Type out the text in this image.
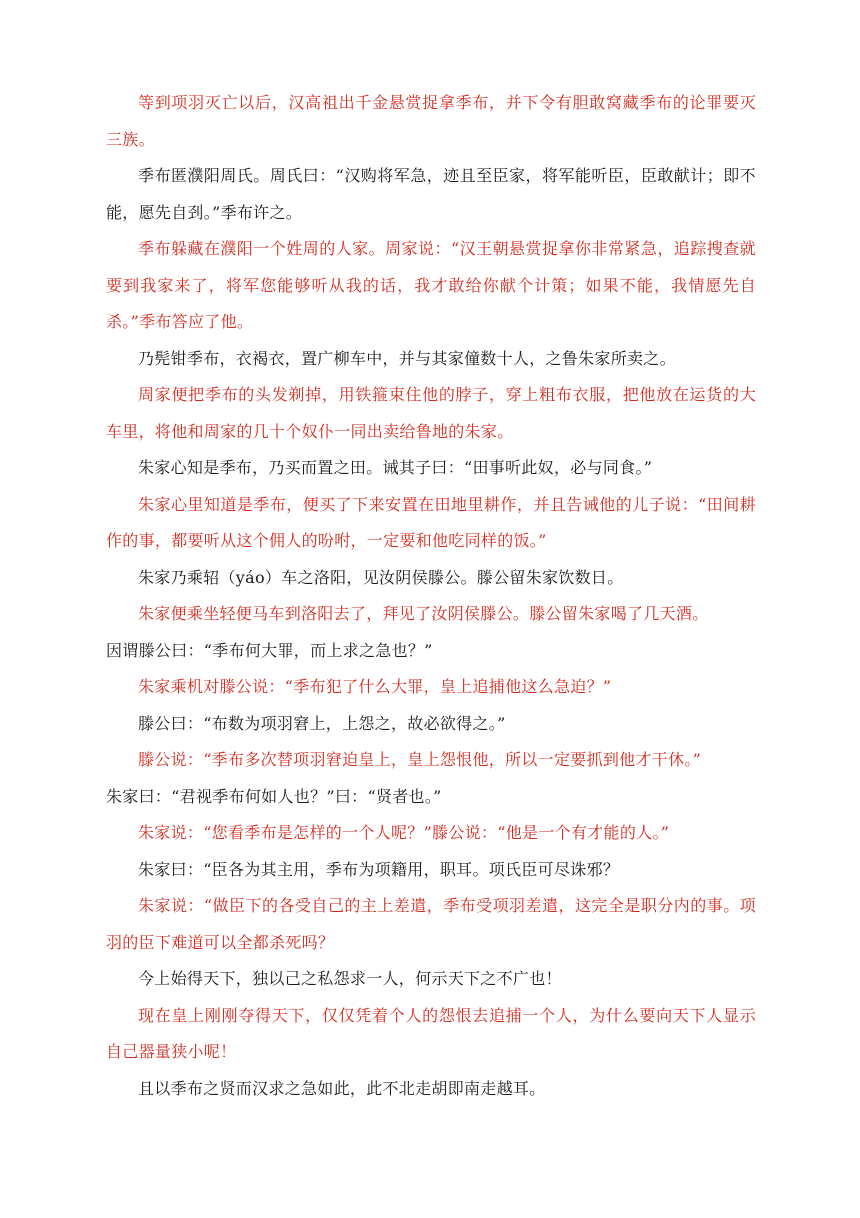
等到项羽灭亡以后，汉高祖出千金悬赏捉拿季布，并下令有胆敢窝藏季布的论罪要灭三族。

季布匿濮阳周氏。周氏曰：“汉购将军急，迹且至臣家，将军能听臣，臣敢献计；即不能，愿先自刭。”季布许之。

季布躲藏在濮阳一个姓周的人家。周家说：“汉王朝悬赏捉拿你非常紧急，追踪搜查就要到我家来了，将军您能够听从我的话，我才敢给你献个计策；如果不能，我情愿先自杀。”季布答应了他。

乃髡钳季布，衣褐衣，置广柳车中，并与其家僮数十人，之鲁朱家所卖之。

周家便把季布的头发剃掉，用铁箍束住他的脖子，穿上粗布衣服，把他放在运货的大车里，将他和周家的几十个奴仆一同出卖给鲁地的朱家。

朱家心知是季布，乃买而置之田。诫其子曰：“田事听此奴，必与同食。”

朱家心里知道是季布，便买了下来安置在田地里耕作，并且告诫他的儿子说：“田间耕作的事，都要听从这个佣人的吩咐，一定要和他吃同样的饭。”

朱家乃乘轺（yáo）车之洛阳，见汝阴侯滕公。滕公留朱家饮数日。

朱家便乘坐轻便马车到洛阳去了，拜见了汝阴侯滕公。滕公留朱家喝了几天酒。

因谓滕公曰：“季布何大罪，而上求之急也？”

朱家乘机对滕公说：“季布犯了什么大罪，皇上追捕他这么急迫？”

滕公曰：“布数为项羽窘上，上怨之，故必欲得之。”

滕公说：“季布多次替项羽窘迫皇上，皇上怨恨他，所以一定要抓到他才干休。”

朱家曰：“君视季布何如人也？”曰：“贤者也。”

朱家说：“您看季布是怎样的一个人呢？”滕公说：“他是一个有才能的人。”

朱家曰：“臣各为其主用，季布为项籍用，职耳。项氏臣可尽诛邪？

朱家说：“做臣下的各受自己的主上差遣，季布受项羽差遣，这完全是职分内的事。项羽的臣下难道可以全都杀死吗？

今上始得天下，独以己之私怨求一人，何示天下之不广也！

现在皇上刚刚夺得天下，仅仅凭着个人的怨恨去追捕一个人，为什么要向天下人显示自己器量狭小呢！

且以季布之贤而汉求之急如此，此不北走胡即南走越耳。
